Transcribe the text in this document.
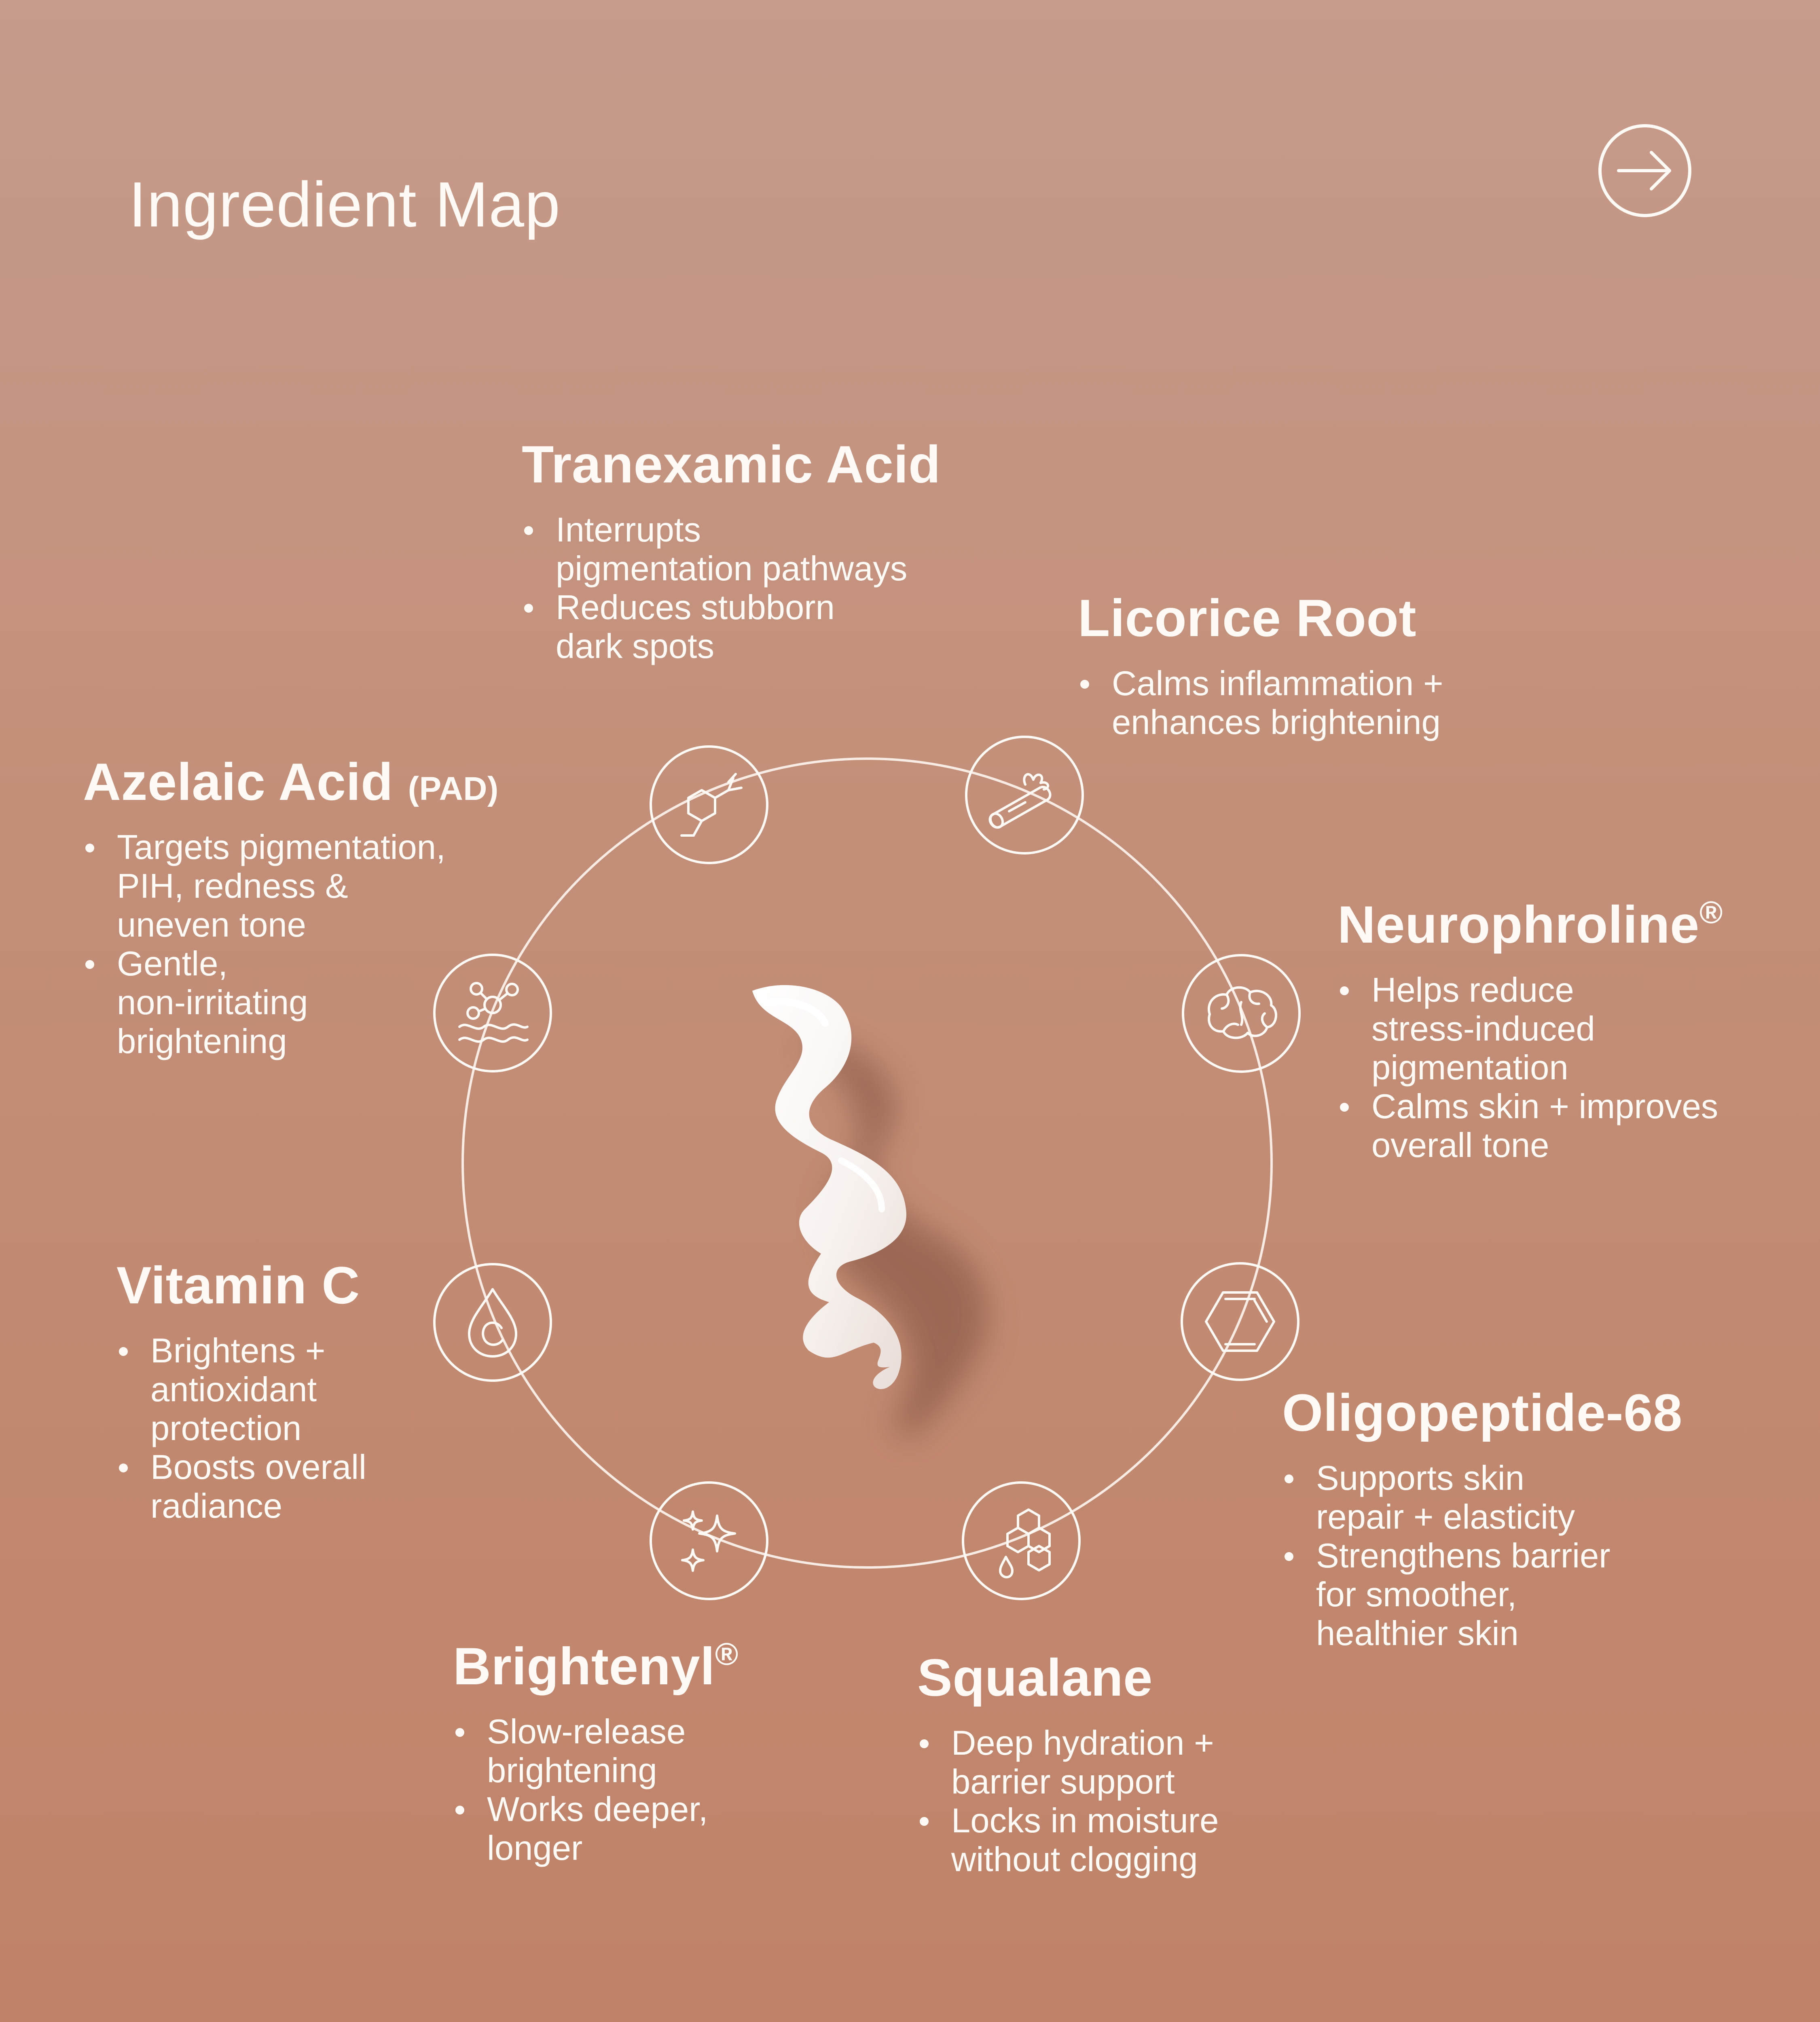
Ingredient Map
Tranexamic Acid
Interrupts
pigmentation pathways
Reduces stubborn
dark spots	Licorice Root
Calms inflammation +
enhances brightening
Neurophroline®
Helps reduce
stress-induced
pigmentation
Calms skin + improves
overall tone
Oligopeptide-68
Supports skin
repair + elasticity
Strengthens barrier
for smoother,
healthier skin
Squalane
Deep hydration +
barrier support
Locks in moisture
without clogging
Brightenyl®
Slow-release
brightening
Works deeper,
longer
Vitamin C
Brightens +
antioxidant
protection
Boosts overall
radiance
Azelaic Acid (PAD)
Targets pigmentation,
PIH, redness &
uneven tone
Gentle,
non-irritating
brightening
